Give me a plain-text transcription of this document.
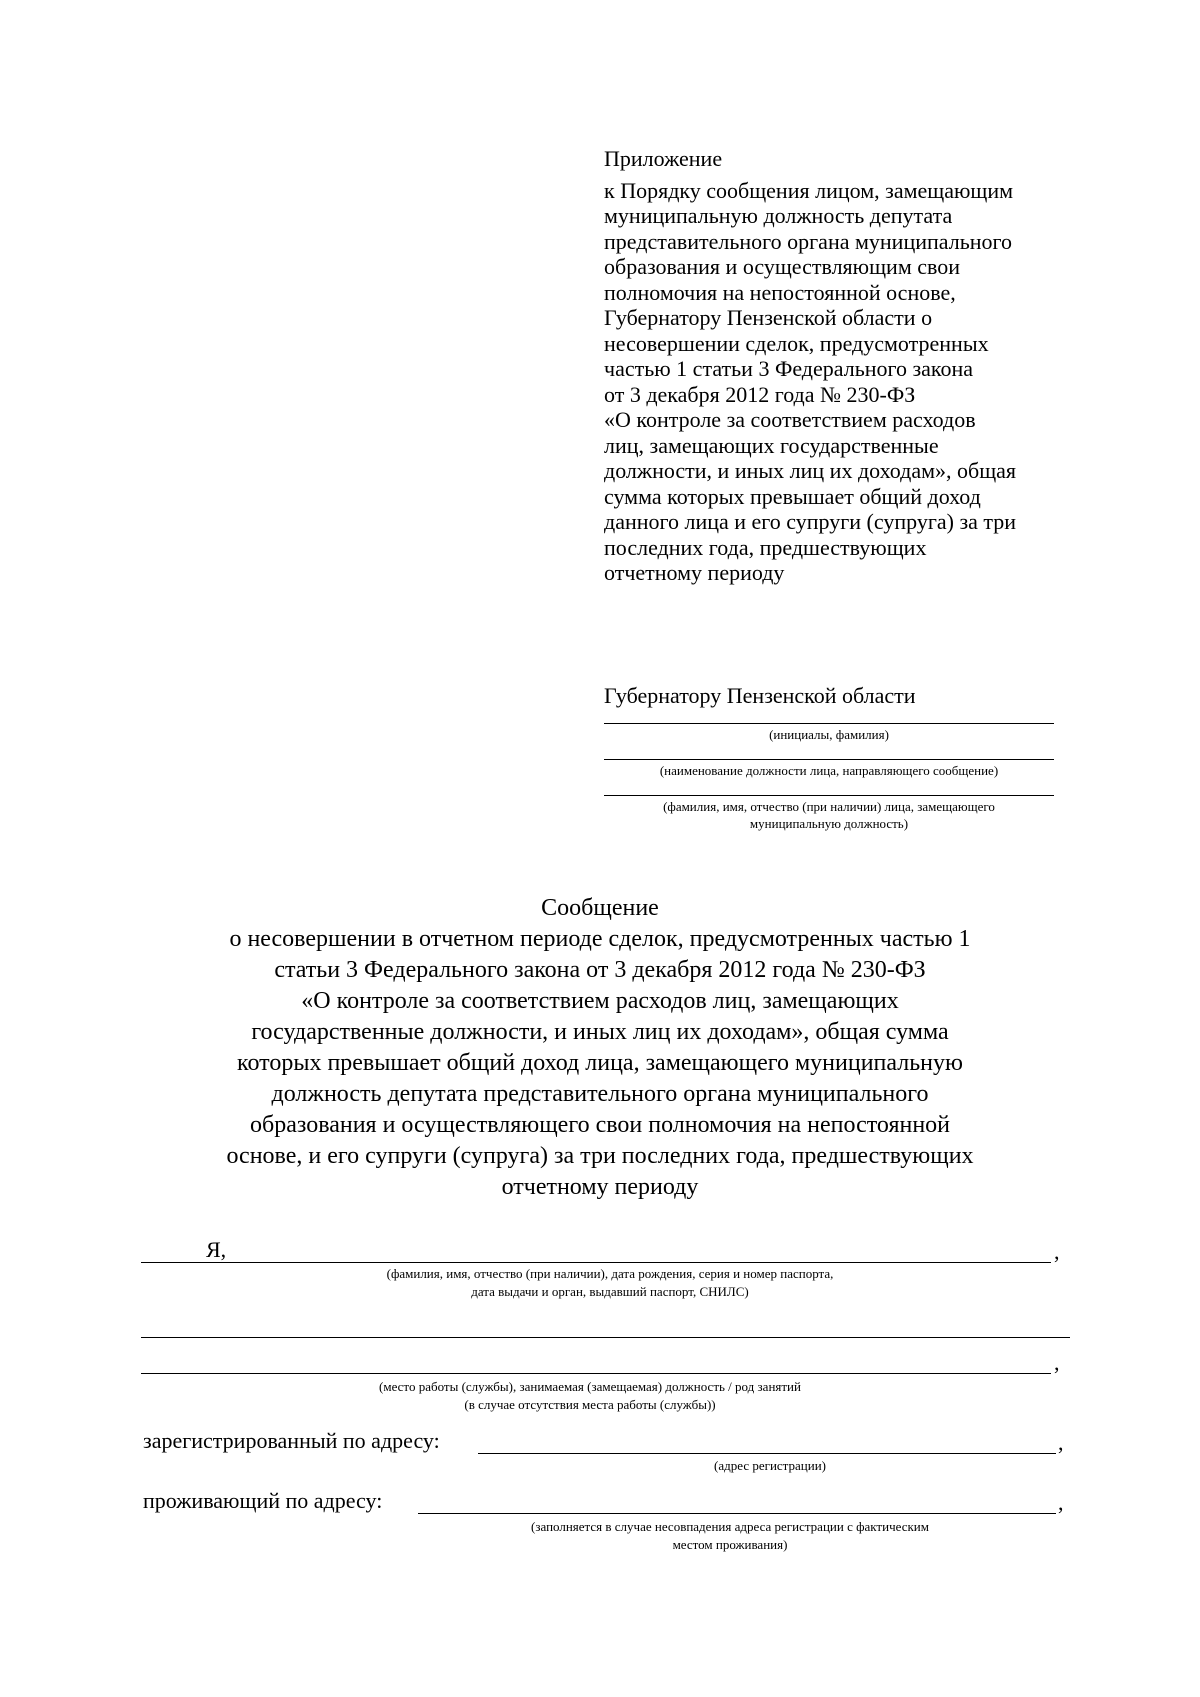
Приложение
к Порядку сообщения лицом, замещающим
муниципальную должность депутата
представительного органа муниципального
образования и осуществляющим свои
полномочия на непостоянной основе,
Губернатору Пензенской области о
несовершении сделок, предусмотренных
частью 1 статьи 3 Федерального закона
от 3 декабря 2012 года № 230-ФЗ
«О контроле за соответствием расходов
лиц, замещающих государственные
должности, и иных лиц их доходам», общая
сумма которых превышает общий доход
данного лица и его супруги (супруга) за три
последних года, предшествующих
отчетному периоду
Губернатору Пензенской области
(инициалы, фамилия)
(наименование должности лица, направляющего сообщение)
(фамилия, имя, отчество (при наличии) лица, замещающего
муниципальную должность)
Сообщение
о несовершении в отчетном периоде сделок, предусмотренных частью 1
статьи 3 Федерального закона от 3 декабря 2012 года № 230-ФЗ
«О контроле за соответствием расходов лиц, замещающих
государственные должности, и иных лиц их доходам», общая сумма
которых превышает общий доход лица, замещающего муниципальную
должность депутата представительного органа муниципального
образования и осуществляющего свои полномочия на непостоянной
основе, и его супруги (супруга) за три последних года, предшествующих
отчетному периоду
Я,	,
(фамилия, имя, отчество (при наличии), дата рождения, серия и номер паспорта,
дата выдачи и орган, выдавший паспорт, СНИЛС)
,
(место работы (службы), занимаемая (замещаемая) должность / род занятий
(в случае отсутствия места работы (службы))
зарегистрированный по адресу:	,
(адрес регистрации)
проживающий по адресу:	,
(заполняется в случае несовпадения адреса регистрации с фактическим
местом проживания)
